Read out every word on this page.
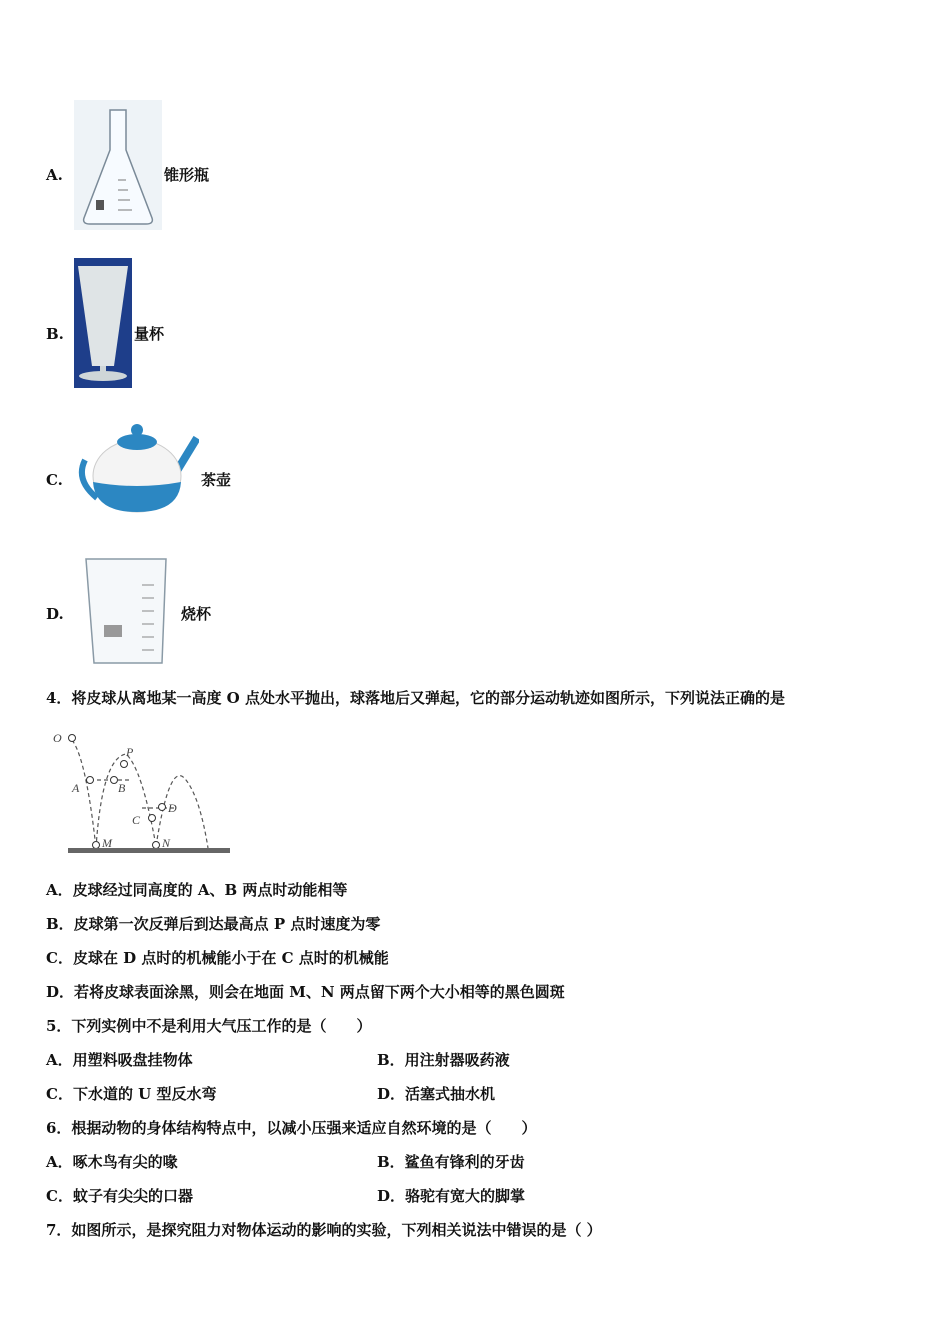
A.	锥形瓶
B.	量杯
C.	茶壶
D.	烧杯
4．将皮球从离地某一高度 O 点处水平抛出，球落地后又弹起，它的部分运动轨迹如图所示，下列说法正确的是
O
P
A	B
C
D
M	N
A．皮球经过同高度的 A、B 两点时动能相等
B．皮球第一次反弹后到达最高点 P 点时速度为零
C．皮球在 D 点时的机械能小于在 C 点时的机械能
D．若将皮球表面涂黑，则会在地面 M、N 两点留下两个大小相等的黑色圆斑
5．下列实例中不是利用大气压工作的是（　　）
A．用塑料吸盘挂物体	B．用注射器吸药液
C．下水道的 U 型反水弯	D．活塞式抽水机
6．根据动物的身体结构特点中，以减小压强来适应自然环境的是（　　）
A．啄木鸟有尖的喙	B．鲨鱼有锋利的牙齿
C．蚊子有尖尖的口器	D．骆驼有宽大的脚掌
7．如图所示，是探究阻力对物体运动的影响的实验，下列相关说法中错误的是（ ）
